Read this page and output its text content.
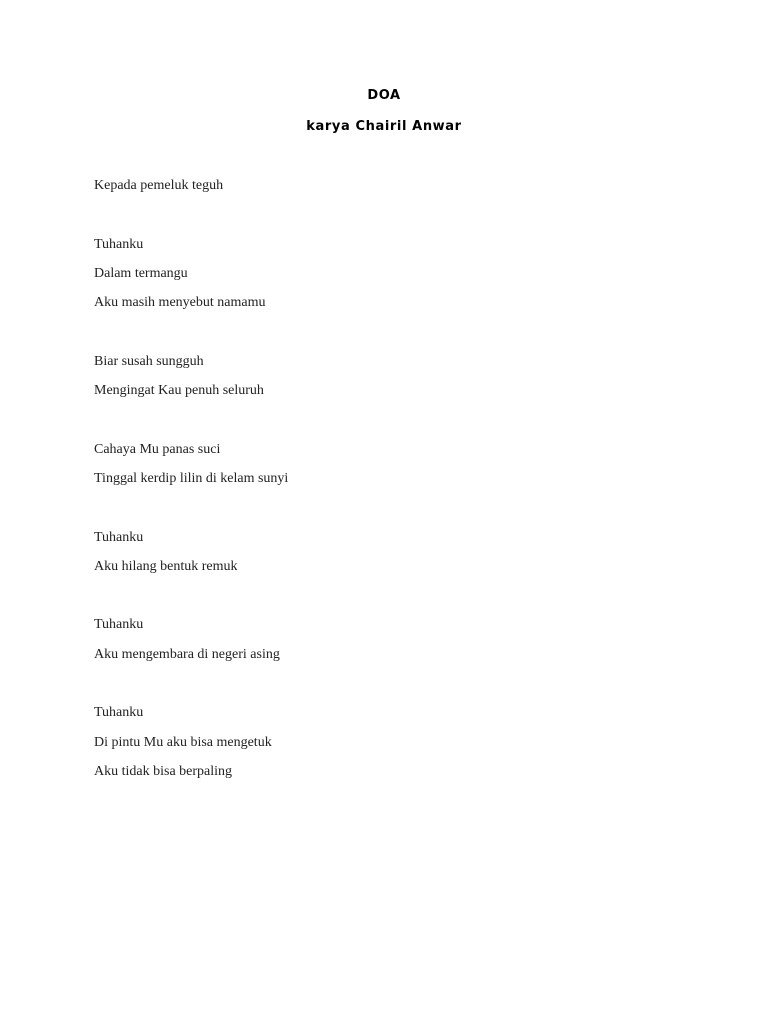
DOA
karya Chairil Anwar
Kepada pemeluk teguh
Tuhanku
Dalam termangu
Aku masih menyebut namamu
Biar susah sungguh
Mengingat Kau penuh seluruh
Cahaya Mu panas suci
Tinggal kerdip lilin di kelam sunyi
Tuhanku
Aku hilang bentuk remuk
Tuhanku
Aku mengembara di negeri asing
Tuhanku
Di pintu Mu aku bisa mengetuk
Aku tidak bisa berpaling
